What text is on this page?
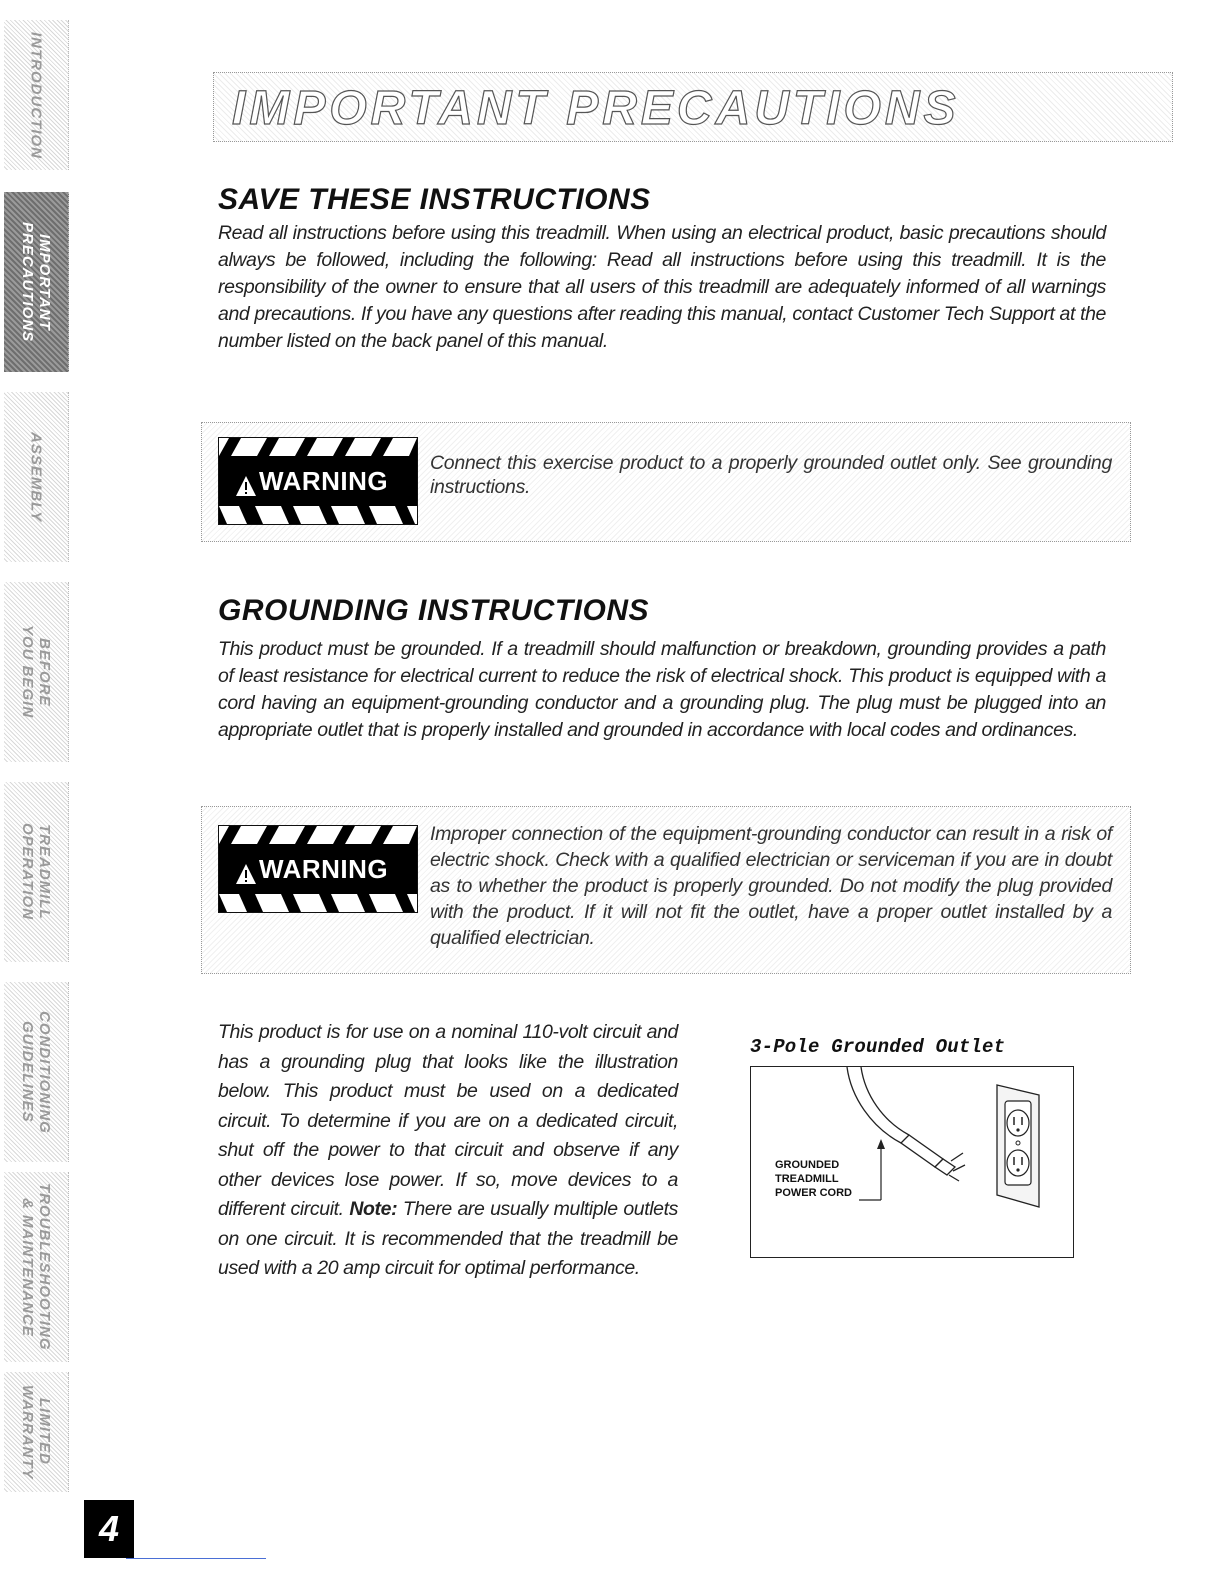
INTRODUCTION
IMPORTANT
PRECAUTIONS
ASSEMBLY
BEFORE
YOU BEGIN
TREADMILL
OPERATION
CONDITIONING
GUIDELINES
TROUBLESHOOTING
& MAINTENANCE
LIMITED
WARRANTY
IMPORTANT PRECAUTIONS
SAVE THESE INSTRUCTIONS

Read all instructions before using this treadmill. When using an electrical product, basic precautions should always be followed, including the following: Read all instructions before using this treadmill. It is the responsibility of the owner to ensure that all users of this treadmill are adequately informed of all warnings and precautions. If you have any questions after reading this manual, contact Customer Tech Support at the number listed on the back panel of this manual.

WARNING

Connect this exercise product to a properly grounded outlet only. See grounding instructions.

GROUNDING INSTRUCTIONS

This product must be grounded. If a treadmill should malfunction or breakdown, grounding provides a path of least resistance for electrical current to reduce the risk of electrical shock. This product is equipped with a cord having an equipment-grounding conductor and a grounding plug. The plug must be plugged into an appropriate outlet that is properly installed and grounded in accordance with local codes and ordinances.

WARNING

Improper connection of the equipment-grounding conductor can result in a risk of electric shock. Check with a qualified electrician or serviceman if you are in doubt as to whether the product is properly grounded. Do not modify the plug provided with the product. If it will not fit the outlet, have a proper outlet installed by a qualified electrician.

This product is for use on a nominal 110-volt circuit and has a grounding plug that looks like the illustration below. This product must be used on a dedicated circuit. To determine if you are on a dedicated circuit, shut off the power to that circuit and observe if any other devices lose power. If so, move devices to a different circuit. Note: There are usually multiple outlets on one circuit. It is recommended that the treadmill be used with a 20 amp circuit for optimal performance.

3-Pole Grounded Outlet

GROUNDED

TREADMILL

POWER CORD

4
